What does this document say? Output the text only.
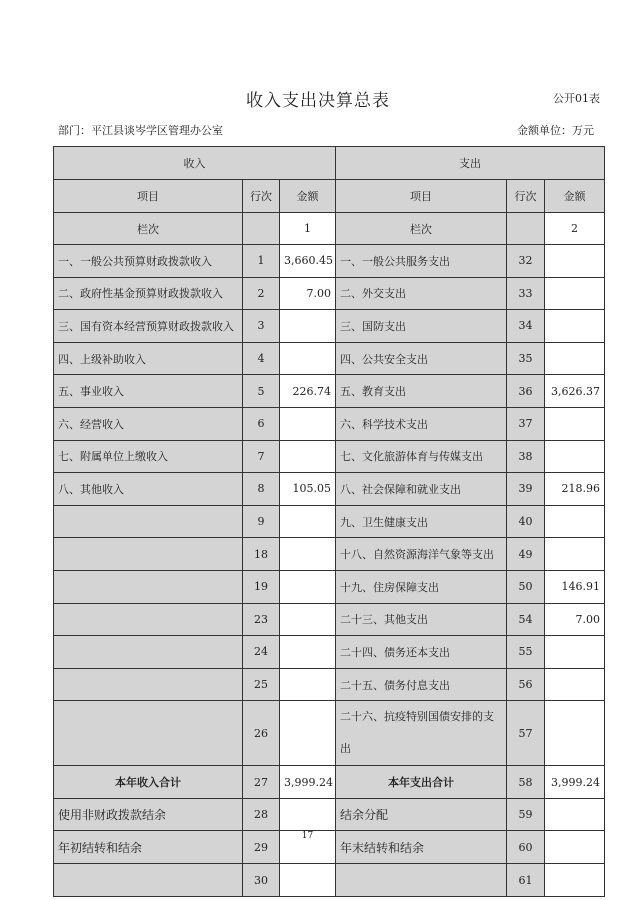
收入支出决算总表	公开01表
部门：平江县谈岑学区管理办公室	金额单位：万元
收入			支出		
项目	行次	金额	项目	行次	金额
栏次		1	栏次		2
一、一般公共预算财政拨款收入	1	3,660.45	一、一般公共服务支出	32	
二、政府性基金预算财政拨款收入	2	7.00	二、外交支出	33	
三、国有资本经营预算财政拨款收入	3		三、国防支出	34	
四、上级补助收入	4		四、公共安全支出	35	
五、事业收入	5	226.74	五、教育支出	36	3,626.37
六、经营收入	6		六、科学技术支出	37	
七、附属单位上缴收入	7		七、文化旅游体育与传媒支出	38	
八、其他收入	8	105.05	八、社会保障和就业支出	39	218.96
	9		九、卫生健康支出	40	
	18		十八、自然资源海洋气象等支出	49	
	19		十九、住房保障支出	50	146.91
	23		二十三、其他支出	54	7.00
	24		二十四、债务还本支出	55	
	25		二十五、债务付息支出	56	
	26		二十六、抗疫特别国债安排的支出	57	
本年收入合计	27	3,999.24	本年支出合计	58	3,999.24
使用非财政拨款结余	28		结余分配	59	
年初结转和结余	29	17	年末结转和结余	60	
	30			61	
